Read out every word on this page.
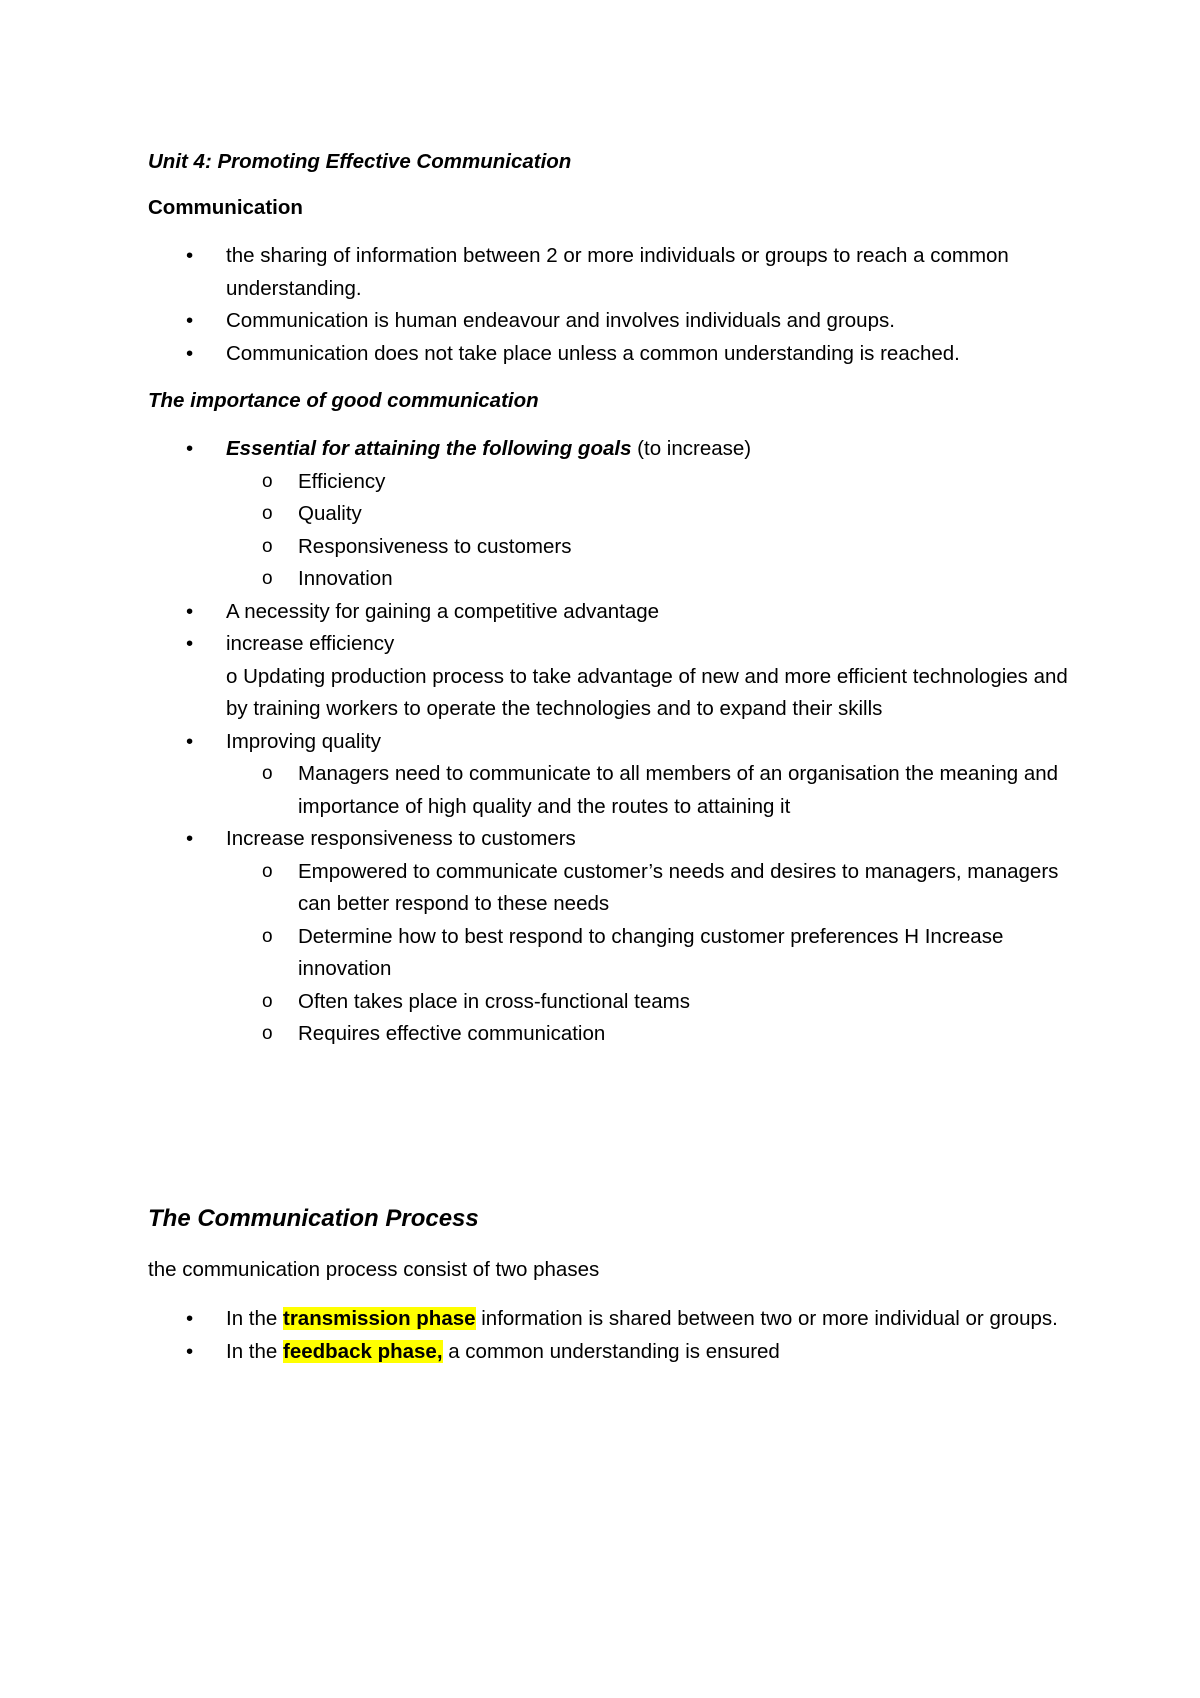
Unit 4: Promoting Effective Communication
Communication
• the sharing of information between 2 or more individuals or groups to reach a common understanding.
• Communication is human endeavour and involves individuals and groups.
• Communication does not take place unless a common understanding is reached.
The importance of good communication
• Essential for attaining the following goals (to increase)
o Efficiency
o Quality
o Responsiveness to customers
o Innovation
• A necessity for gaining a competitive advantage
• increase efficiency
o Updating production process to take advantage of new and more efficient technologies and by training workers to operate the technologies and to expand their skills
• Improving quality
o Managers need to communicate to all members of an organisation the meaning and importance of high quality and the routes to attaining it
• Increase responsiveness to customers
o Empowered to communicate customer’s needs and desires to managers, managers can better respond to these needs
o Determine how to best respond to changing customer preferences H Increase innovation
o Often takes place in cross-functional teams
o Requires effective communication
The Communication Process
the communication process consist of two phases
• In the transmission phase information is shared between two or more individual or groups.
• In the feedback phase, a common understanding is ensured
